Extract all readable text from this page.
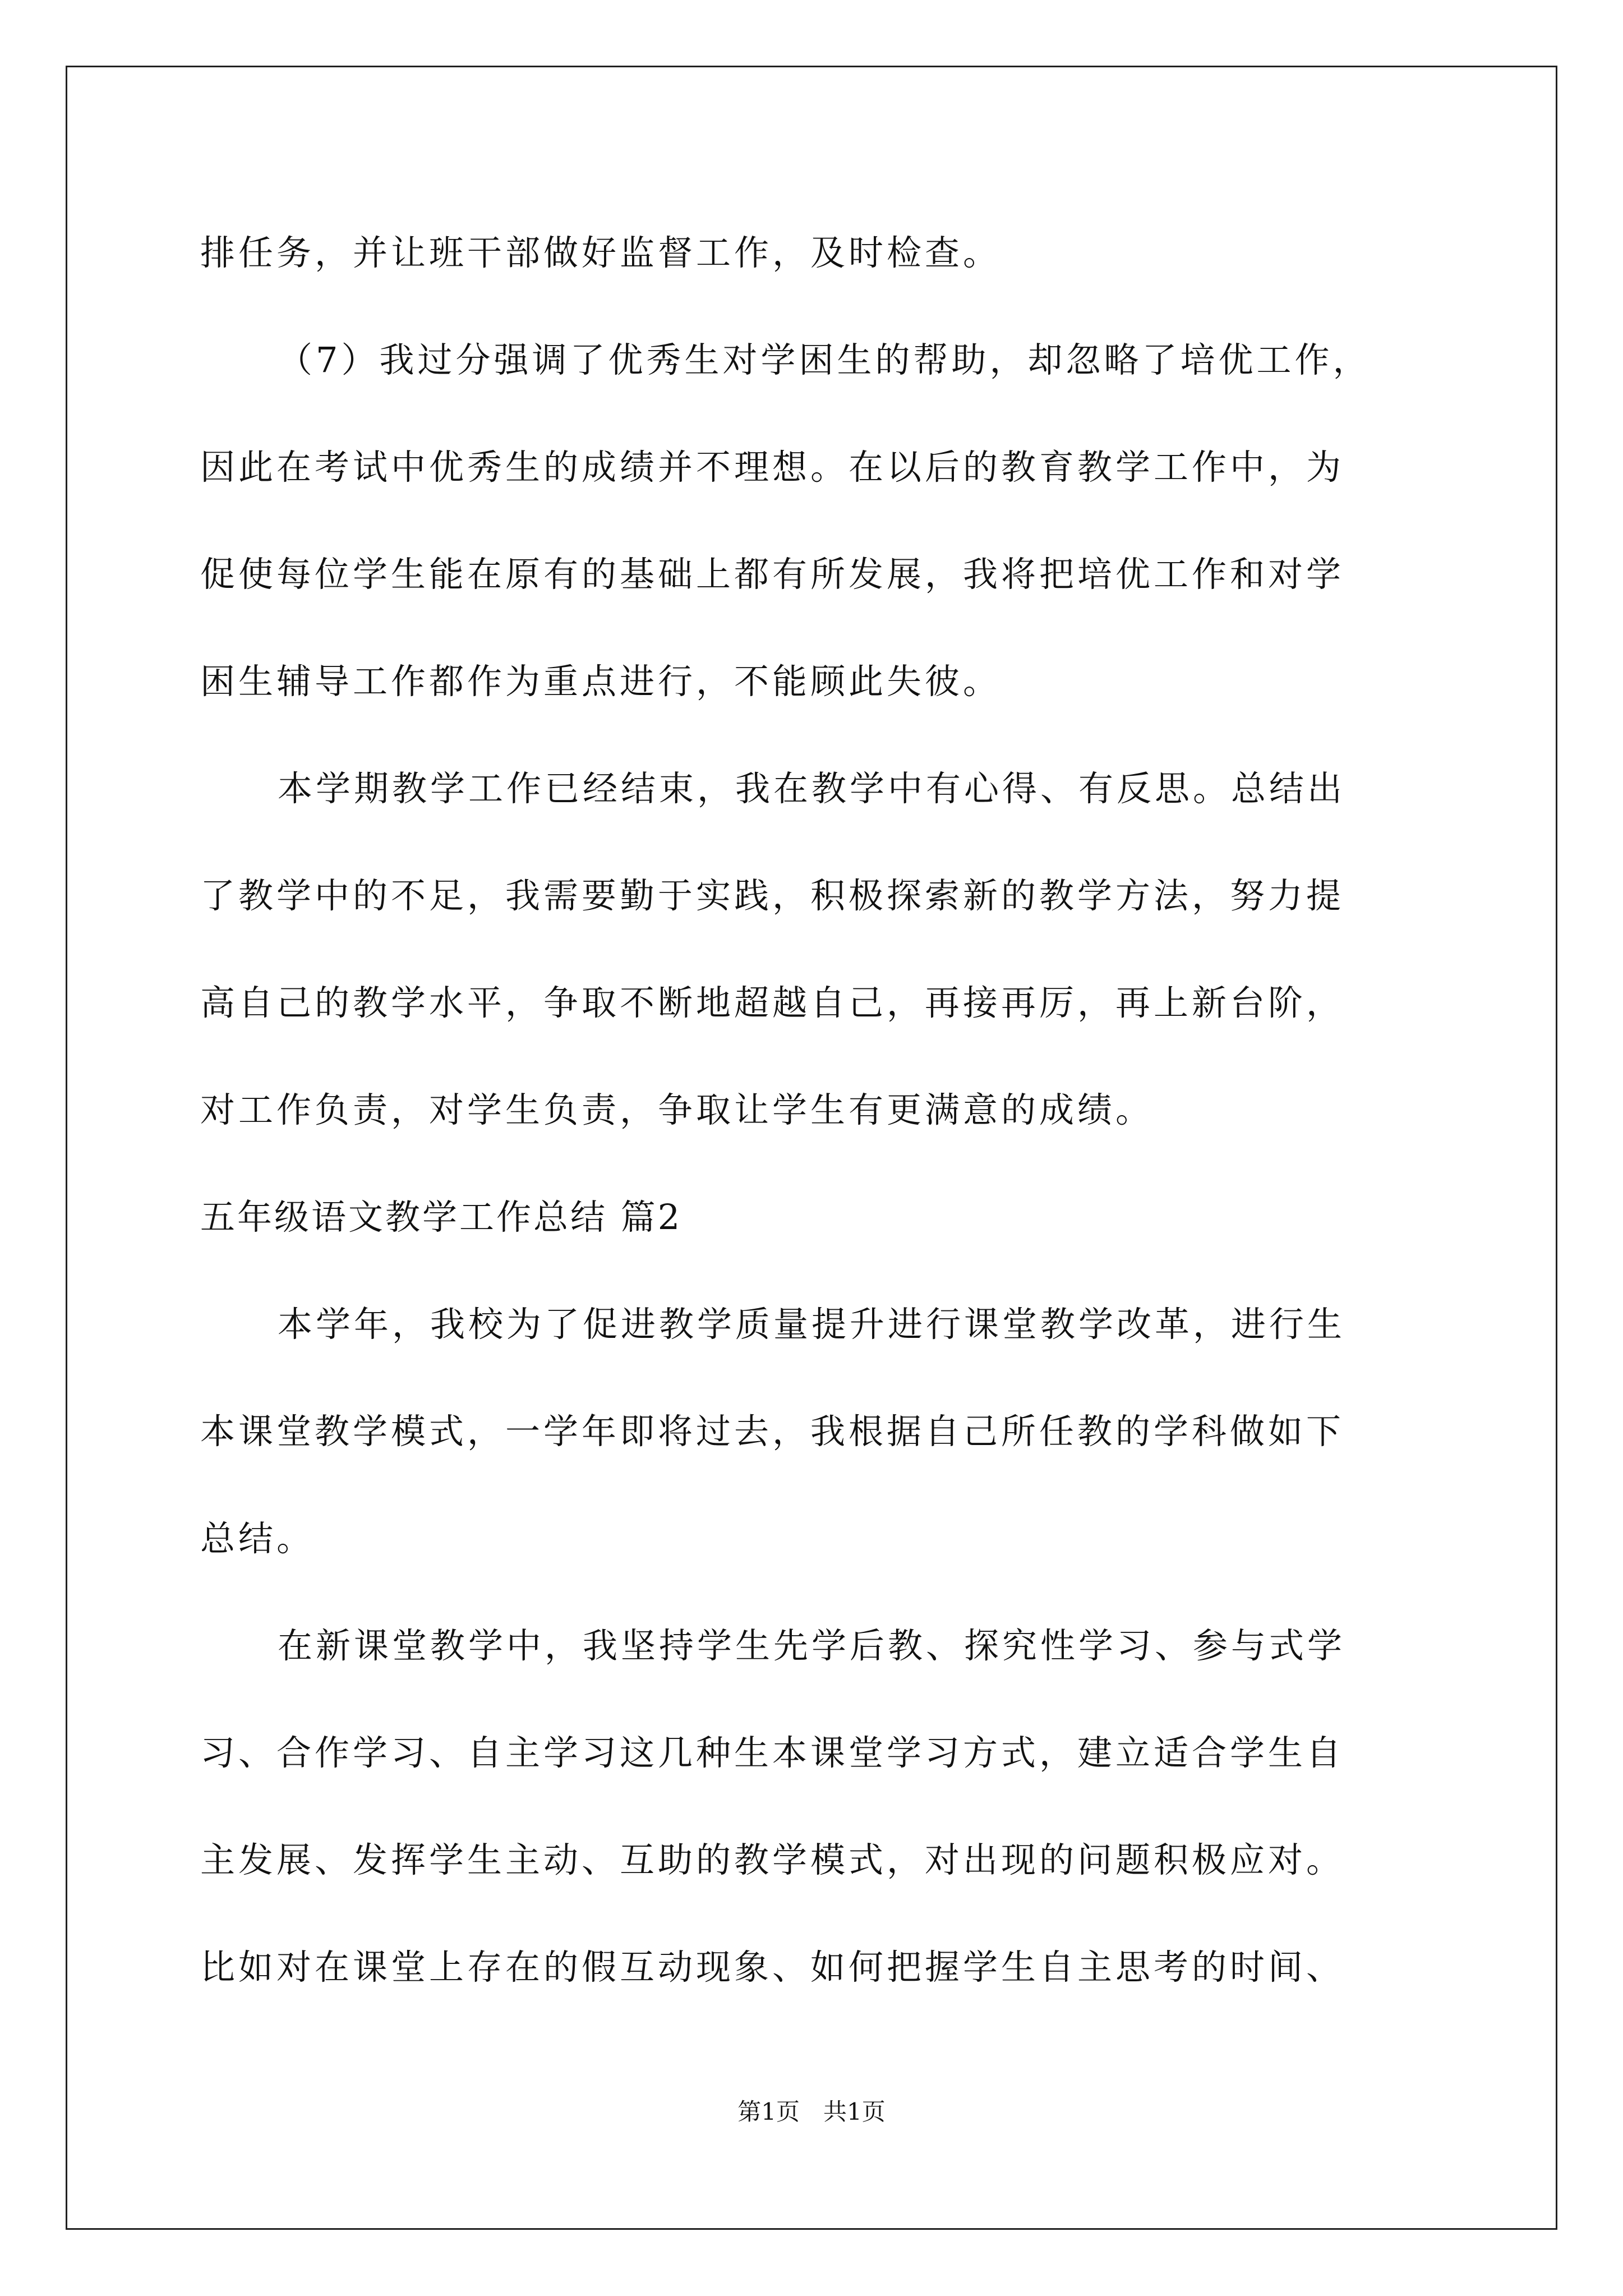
排任务，并让班干部做好监督工作，及时检查。
（7）我过分强调了优秀生对学困生的帮助，却忽略了培优工作，
因此在考试中优秀生的成绩并不理想。在以后的教育教学工作中，为
促使每位学生能在原有的基础上都有所发展，我将把培优工作和对学
困生辅导工作都作为重点进行，不能顾此失彼。
本学期教学工作已经结束，我在教学中有心得、有反思。总结出
了教学中的不足，我需要勤于实践，积极探索新的教学方法，努力提
高自己的教学水平，争取不断地超越自己，再接再厉，再上新台阶，
对工作负责，对学生负责，争取让学生有更满意的成绩。
五年级语文教学工作总结 篇2
本学年，我校为了促进教学质量提升进行课堂教学改革，进行生
本课堂教学模式，一学年即将过去，我根据自己所任教的学科做如下
总结。
在新课堂教学中，我坚持学生先学后教、探究性学习、参与式学
习、合作学习、自主学习这几种生本课堂学习方式，建立适合学生自
主发展、发挥学生主动、互助的教学模式，对出现的问题积极应对。
比如对在课堂上存在的假互动现象、如何把握学生自主思考的时间、
第1页 共1页
